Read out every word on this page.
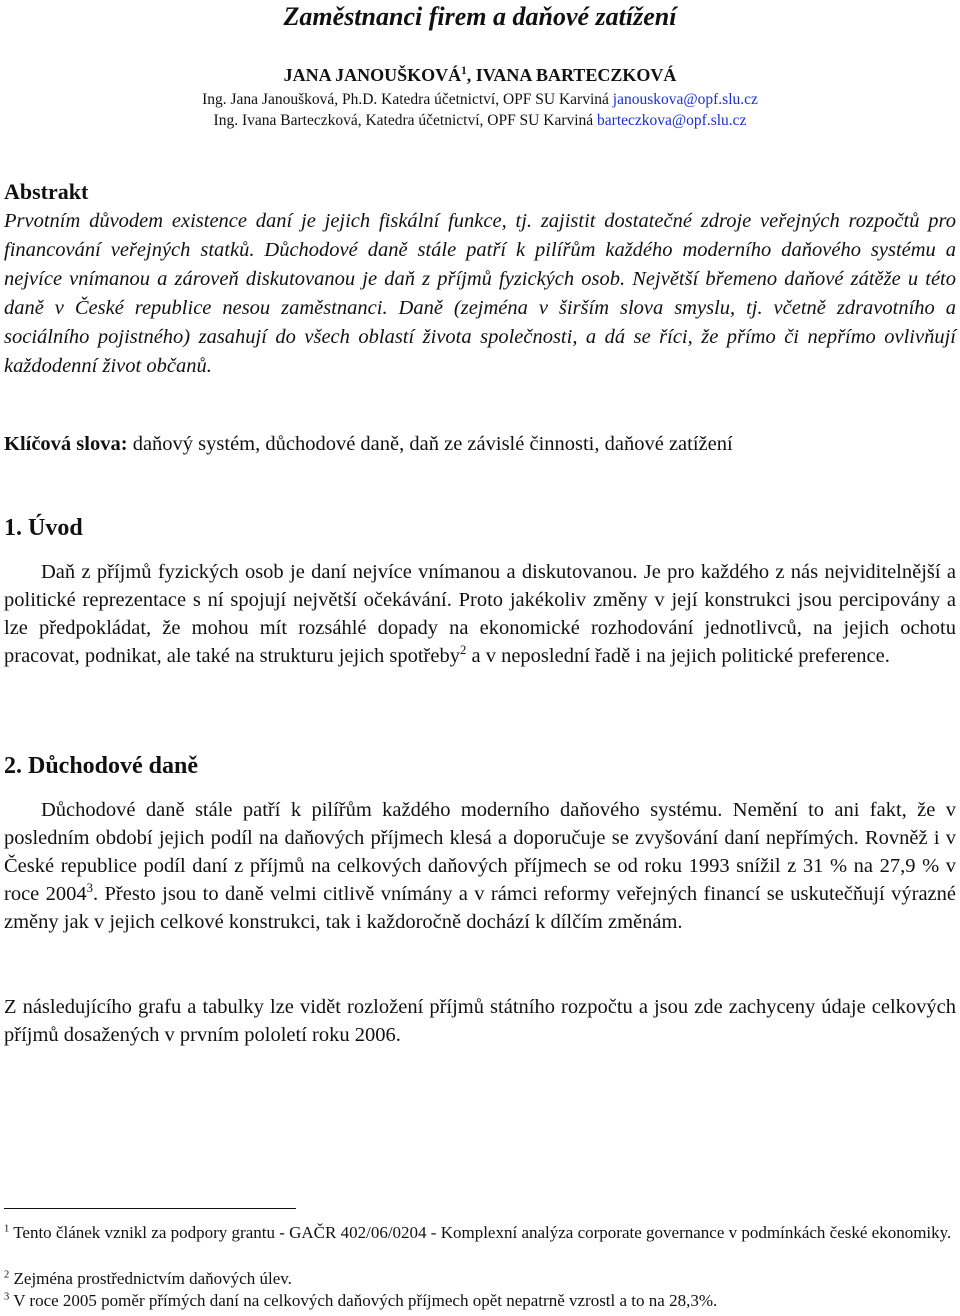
Zaměstnanci firem a daňové zatížení
JANA JANOUŠKOVÁ$^1$, IVANA BARTECZKOVÁ
Ing. Jana Janoušková, Ph.D. Katedra účetnictví, OPF SU Karviná janouskova@opf.slu.cz
Ing. Ivana Barteczková, Katedra účetnictví, OPF SU Karviná barteczkova@opf.slu.cz
Abstrakt

Prvotním důvodem existence daní je jejich fiskální funkce, tj. zajistit dostatečné zdroje veřejných rozpočtů pro financování veřejných statků. Důchodové daně stále patří k pilířům každého moderního daňového systému a nejvíce vnímanou a zároveň diskutovanou je daň z příjmů fyzických osob. Největší břemeno daňové zátěže u této daně v České republice nesou zaměstnanci. Daně (zejména v širším slova smyslu, tj. včetně zdravotního a sociálního pojistného) zasahují do všech oblastí života společnosti, a dá se říci, že přímo či nepřímo ovlivňují každodenní život občanů.

Klíčová slova: daňový systém, důchodové daně, daň ze závislé činnosti, daňové zatížení

1. Úvod

Daň z příjmů fyzických osob je daní nejvíce vnímanou a diskutovanou. Je pro každého z nás nejviditelnější a politické reprezentace s ní spojují největší očekávání. Proto jakékoliv změny v její konstrukci jsou percipovány a lze předpokládat, že mohou mít rozsáhlé dopady na ekonomické rozhodování jednotlivců, na jejich ochotu pracovat, podnikat, ale také na strukturu jejich spotřeby$^2$ a v neposlední řadě i na jejich politické preference.

2. Důchodové daně

Důchodové daně stále patří k pilířům každého moderního daňového systému. Nemění to ani fakt, že v posledním období jejich podíl na daňových příjmech klesá a doporučuje se zvyšování daní nepřímých. Rovněž i v České republice podíl daní z příjmů na celkových daňových příjmech se od roku 1993 snížil z 31 % na 27,9 % v roce 2004$^3$. Přesto jsou to daně velmi citlivě vnímány a v rámci reformy veřejných financí se uskutečňují výrazné změny jak v jejich celkové konstrukci, tak i každoročně dochází k dílčím změnám.

Z následujícího grafu a tabulky lze vidět rozložení příjmů státního rozpočtu a jsou zde zachyceny údaje celkových příjmů dosažených v prvním pololetí roku 2006.

$^1$ Tento článek vznikl za podpory grantu - GAČR 402/06/0204 - Komplexní analýza corporate governance v podmínkách české ekonomiky.

$^2$ Zejména prostřednictvím daňových úlev.

$^3$ V roce 2005 poměr přímých daní na celkových daňových příjmech opět nepatrně vzrostl a to na 28,3%.
